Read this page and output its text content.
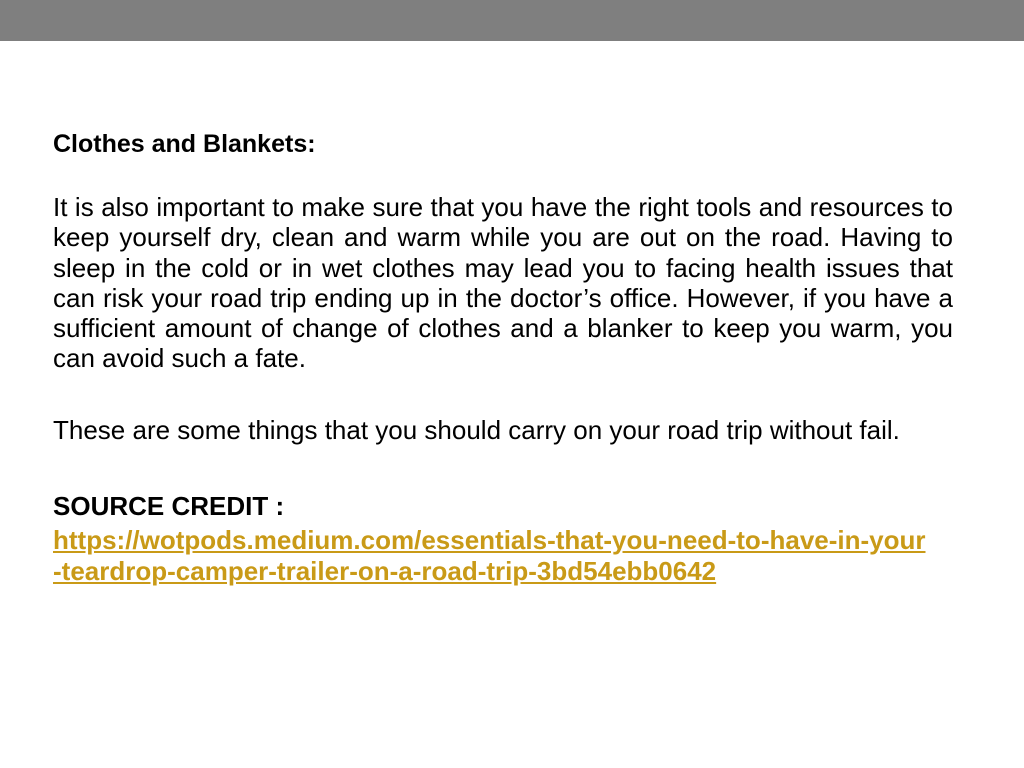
Clothes and Blankets:
It is also important to make sure that you have the right tools and resources to keep yourself dry, clean and warm while you are out on the road. Having to sleep in the cold or in wet clothes may lead you to facing health issues that can risk your road trip ending up in the doctor’s office. However, if you have a sufficient amount of change of clothes and a blanker to keep you warm, you can avoid such a fate.
These are some things that you should carry on your road trip without fail.
SOURCE CREDIT :
https://wotpods.medium.com/essentials-that-you-need-to-have-in-your-teardrop-camper-trailer-on-a-road-trip-3bd54ebb0642
